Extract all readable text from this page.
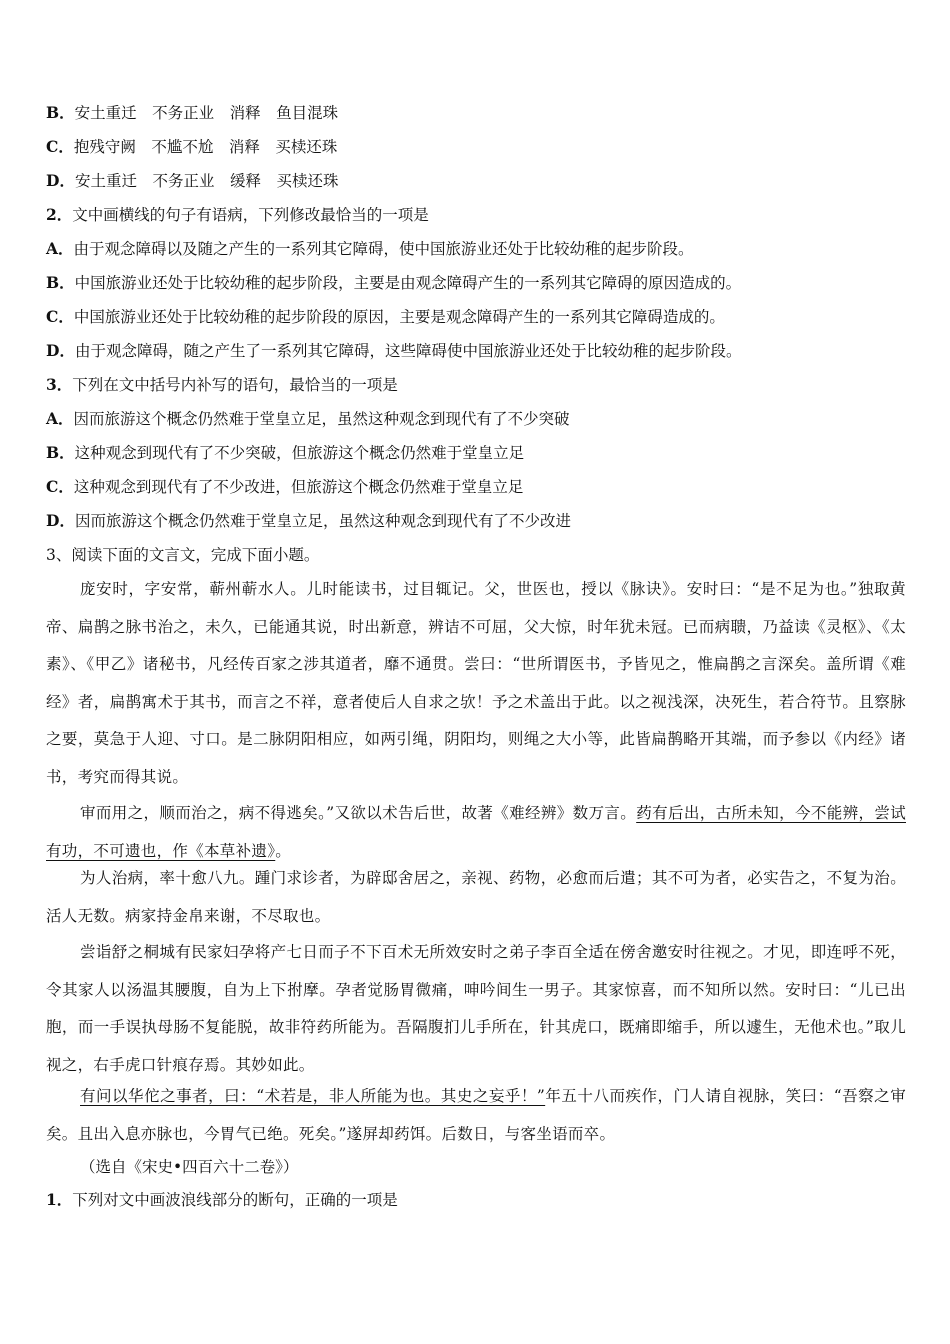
B．安土重迁　不务正业　消释　鱼目混珠
C．抱残守阙　不尴不尬　消释　买椟还珠
D．安土重迁　不务正业　缓释　买椟还珠
2．文中画横线的句子有语病，下列修改最恰当的一项是
A．由于观念障碍以及随之产生的一系列其它障碍，使中国旅游业还处于比较幼稚的起步阶段。
B．中国旅游业还处于比较幼稚的起步阶段，主要是由观念障碍产生的一系列其它障碍的原因造成的。
C．中国旅游业还处于比较幼稚的起步阶段的原因，主要是观念障碍产生的一系列其它障碍造成的。
D．由于观念障碍，随之产生了一系列其它障碍，这些障碍使中国旅游业还处于比较幼稚的起步阶段。
3．下列在文中括号内补写的语句，最恰当的一项是
A．因而旅游这个概念仍然难于堂皇立足，虽然这种观念到现代有了不少突破
B．这种观念到现代有了不少突破，但旅游这个概念仍然难于堂皇立足
C．这种观念到现代有了不少改进，但旅游这个概念仍然难于堂皇立足
D．因而旅游这个概念仍然难于堂皇立足，虽然这种观念到现代有了不少改进
3、阅读下面的文言文，完成下面小题。
庞安时，字安常，蕲州蕲水人。儿时能读书，过目辄记。父，世医也，授以《脉诀》。安时曰：“是不足为也。”独取黄帝、扁鹊之脉书治之，未久，已能通其说，时出新意，辨诘不可屈，父大惊，时年犹未冠。已而病聩，乃益读《灵枢》、《太素》、《甲乙》诸秘书，凡经传百家之涉其道者，靡不通贯。尝曰：“世所谓医书，予皆见之，惟扁鹊之言深矣。盖所谓《难经》者，扁鹊寓术于其书，而言之不祥，意者使后人自求之欤！予之术盖出于此。以之视浅深，决死生，若合符节。且察脉之要，莫急于人迎、寸口。是二脉阴阳相应，如两引绳，阴阳均，则绳之大小等，此皆扁鹊略开其端，而予参以《内经》诸书，考究而得其说。
审而用之，顺而治之，病不得逃矣。”又欲以术告后世，故著《难经辨》数万言。药有后出，古所未知，今不能辨，尝试有功，不可遗也，作《本草补遗》。
为人治病，率十愈八九。踵门求诊者，为辟邸舍居之，亲视、药物，必愈而后遣；其不可为者，必实告之，不复为治。活人无数。病家持金帛来谢，不尽取也。
尝诣舒之桐城有民家妇孕将产七日而子不下百术无所效安时之弟子李百全适在傍舍邀安时往视之。才见，即连呼不死，令其家人以汤温其腰腹，自为上下拊摩。孕者觉肠胃微痛，呻吟间生一男子。其家惊喜，而不知所以然。安时曰：“儿已出胞，而一手误执母肠不复能脱，故非符药所能为。吾隔腹扪儿手所在，针其虎口，既痛即缩手，所以遽生，无他术也。”取儿视之，右手虎口针痕存焉。其妙如此。
有问以华佗之事者，曰：“术若是，非人所能为也。其史之妄乎！”年五十八而疾作，门人请自视脉，笑曰：“吾察之审矣。且出入息亦脉也，今胃气已绝。死矣。”遂屏却药饵。后数日，与客坐语而卒。
（选自《宋史•四百六十二卷》）
1．下列对文中画波浪线部分的断句，正确的一项是
